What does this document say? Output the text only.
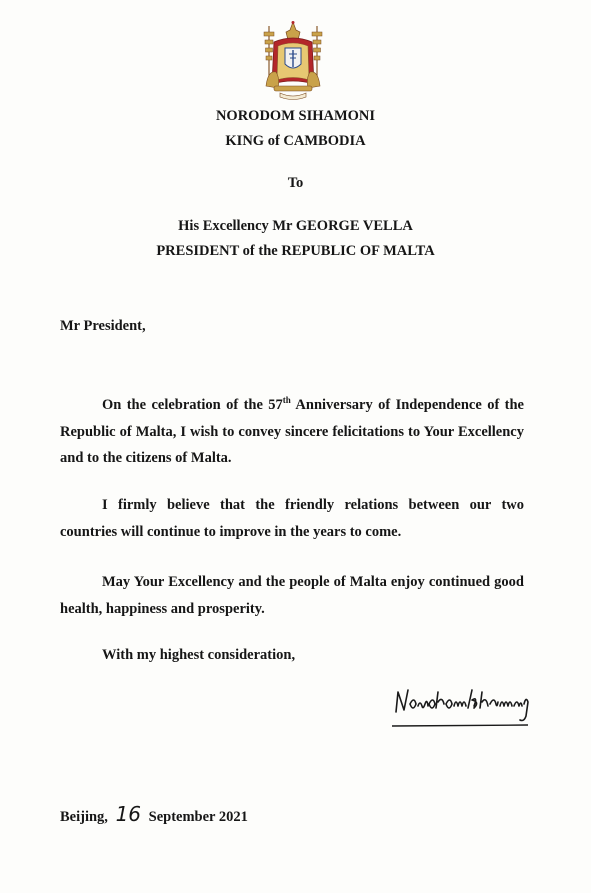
NORODOM SIHAMONI
KING of CAMBODIA
To
His Excellency Mr GEORGE VELLA
PRESIDENT of the REPUBLIC OF MALTA
Mr President,
On the celebration of the 57th Anniversary of Independence of the Republic of Malta, I wish to convey sincere felicitations to Your Excellency and to the citizens of Malta.
I firmly believe that the friendly relations between our two countries will continue to improve in the years to come.
May Your Excellency and the people of Malta enjoy continued good health, happiness and prosperity.
With my highest consideration,
Beijing, 16 September 2021
